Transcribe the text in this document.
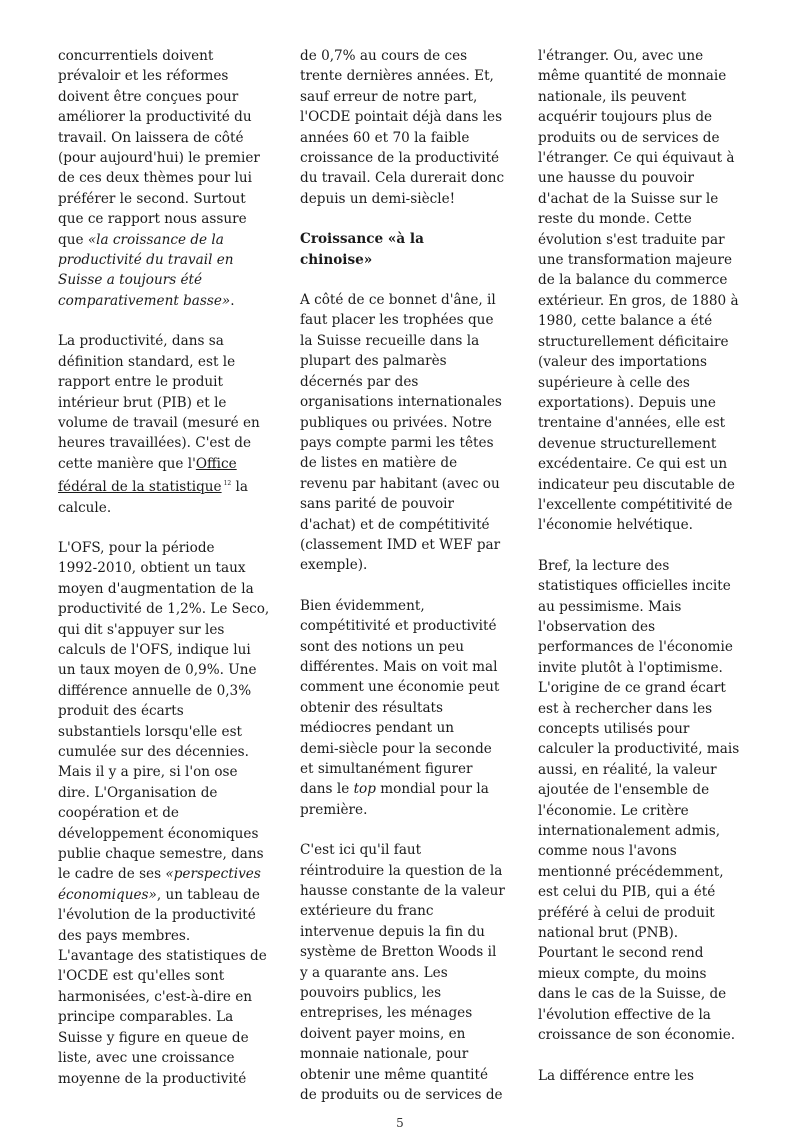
concurrentiels doivent
prévaloir et les réformes
doivent être conçues pour
améliorer la productivité du
travail. On laissera de côté
(pour aujourd'hui) le premier
de ces deux thèmes pour lui
préférer le second. Surtout
que ce rapport nous assure
que «la croissance de la
productivité du travail en
Suisse a toujours été
comparativement basse».
La productivité, dans sa
définition standard, est le
rapport entre le produit
intérieur brut (PIB) et le
volume de travail (mesuré en
heures travaillées). C'est de
cette manière que l'Office
fédéral de la statistique $^{12}$ la
calcule.
L'OFS, pour la période
1992-2010, obtient un taux
moyen d'augmentation de la
productivité de 1,2%. Le Seco,
qui dit s'appuyer sur les
calculs de l'OFS, indique lui
un taux moyen de 0,9%. Une
différence annuelle de 0,3%
produit des écarts
substantiels lorsqu'elle est
cumulée sur des décennies.
Mais il y a pire, si l'on ose
dire. L'Organisation de
coopération et de
développement économiques
publie chaque semestre, dans
le cadre de ses «perspectives
économiques», un tableau de
l'évolution de la productivité
des pays membres.
L'avantage des statistiques de
l'OCDE est qu'elles sont
harmonisées, c'est-à-dire en
principe comparables. La
Suisse y figure en queue de
liste, avec une croissance
moyenne de la productivité
de 0,7% au cours de ces
trente dernières années. Et,
sauf erreur de notre part,
l'OCDE pointait déjà dans les
années 60 et 70 la faible
croissance de la productivité
du travail. Cela durerait donc
depuis un demi-siècle!
Croissance «à la
chinoise»
A côté de ce bonnet d'âne, il
faut placer les trophées que
la Suisse recueille dans la
plupart des palmarès
décernés par des
organisations internationales
publiques ou privées. Notre
pays compte parmi les têtes
de listes en matière de
revenu par habitant (avec ou
sans parité de pouvoir
d'achat) et de compétitivité
(classement IMD et WEF par
exemple).
Bien évidemment,
compétitivité et productivité
sont des notions un peu
différentes. Mais on voit mal
comment une économie peut
obtenir des résultats
médiocres pendant un
demi-siècle pour la seconde
et simultanément figurer
dans le top mondial pour la
première.
C'est ici qu'il faut
réintroduire la question de la
hausse constante de la valeur
extérieure du franc
intervenue depuis la fin du
système de Bretton Woods il
y a quarante ans. Les
pouvoirs publics, les
entreprises, les ménages
doivent payer moins, en
monnaie nationale, pour
obtenir une même quantité
de produits ou de services de
l'étranger. Ou, avec une
même quantité de monnaie
nationale, ils peuvent
acquérir toujours plus de
produits ou de services de
l'étranger. Ce qui équivaut à
une hausse du pouvoir
d'achat de la Suisse sur le
reste du monde. Cette
évolution s'est traduite par
une transformation majeure
de la balance du commerce
extérieur. En gros, de 1880 à
1980, cette balance a été
structurellement déficitaire
(valeur des importations
supérieure à celle des
exportations). Depuis une
trentaine d'années, elle est
devenue structurellement
excédentaire. Ce qui est un
indicateur peu discutable de
l'excellente compétitivité de
l'économie helvétique.
Bref, la lecture des
statistiques officielles incite
au pessimisme. Mais
l'observation des
performances de l'économie
invite plutôt à l'optimisme.
L'origine de ce grand écart
est à rechercher dans les
concepts utilisés pour
calculer la productivité, mais
aussi, en réalité, la valeur
ajoutée de l'ensemble de
l'économie. Le critère
internationalement admis,
comme nous l'avons
mentionné précédemment,
est celui du PIB, qui a été
préféré à celui de produit
national brut (PNB).
Pourtant le second rend
mieux compte, du moins
dans le cas de la Suisse, de
l'évolution effective de la
croissance de son économie.
La différence entre les
5
